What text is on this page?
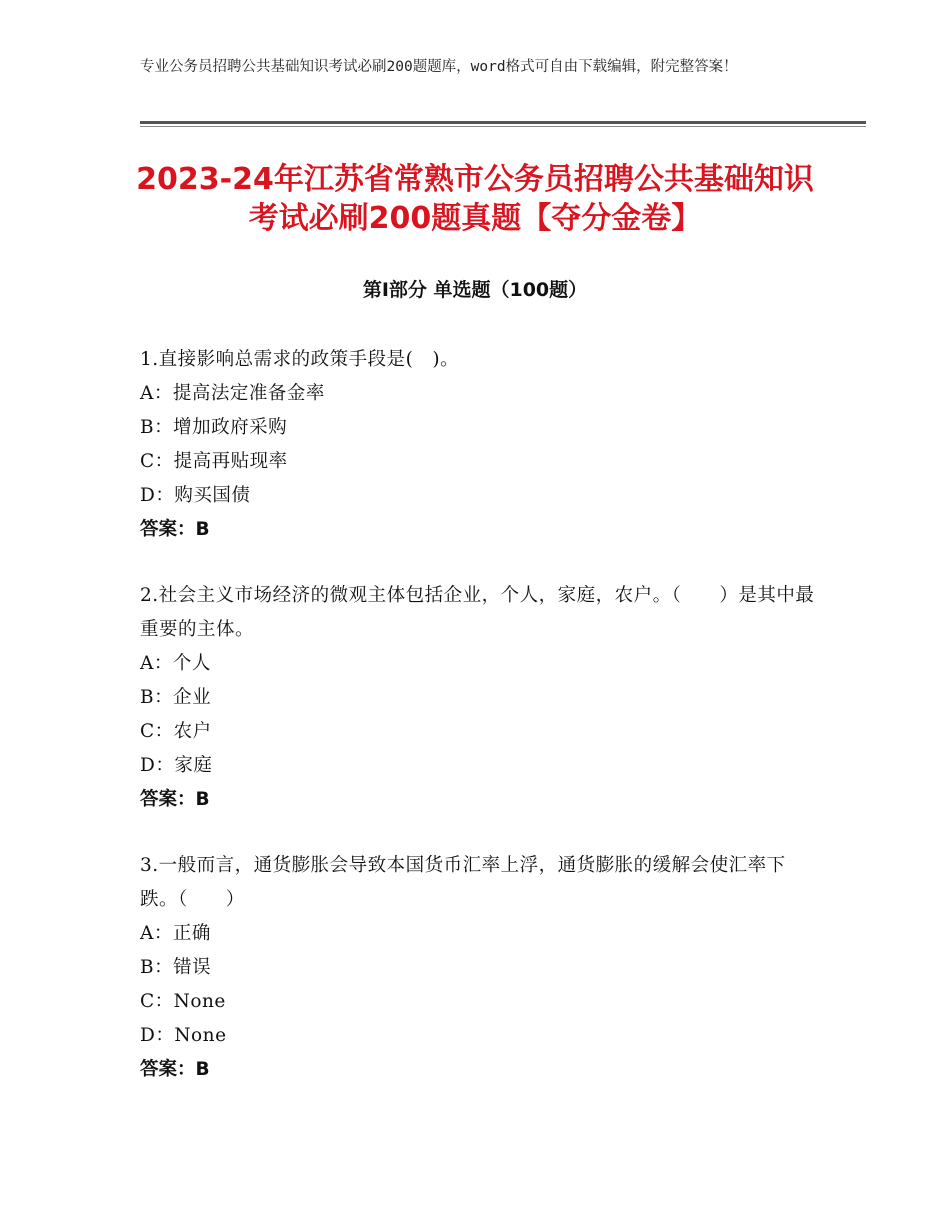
专业公务员招聘公共基础知识考试必刷200题题库，word格式可自由下载编辑，附完整答案！
2023-24年江苏省常熟市公务员招聘公共基础知识考试必刷200题真题【夺分金卷】
第Ⅰ部分 单选题（100题）
1.直接影响总需求的政策手段是(　)。
A：提高法定准备金率
B：增加政府采购
C：提高再贴现率
D：购买国债
答案：B
2.社会主义市场经济的微观主体包括企业，个人，家庭，农户。（　　）是其中最重要的主体。
A：个人
B：企业
C：农户
D：家庭
答案：B
3.一般而言，通货膨胀会导致本国货币汇率上浮，通货膨胀的缓解会使汇率下跌。（　　）
A：正确
B：错误
C：None
D：None
答案：B
